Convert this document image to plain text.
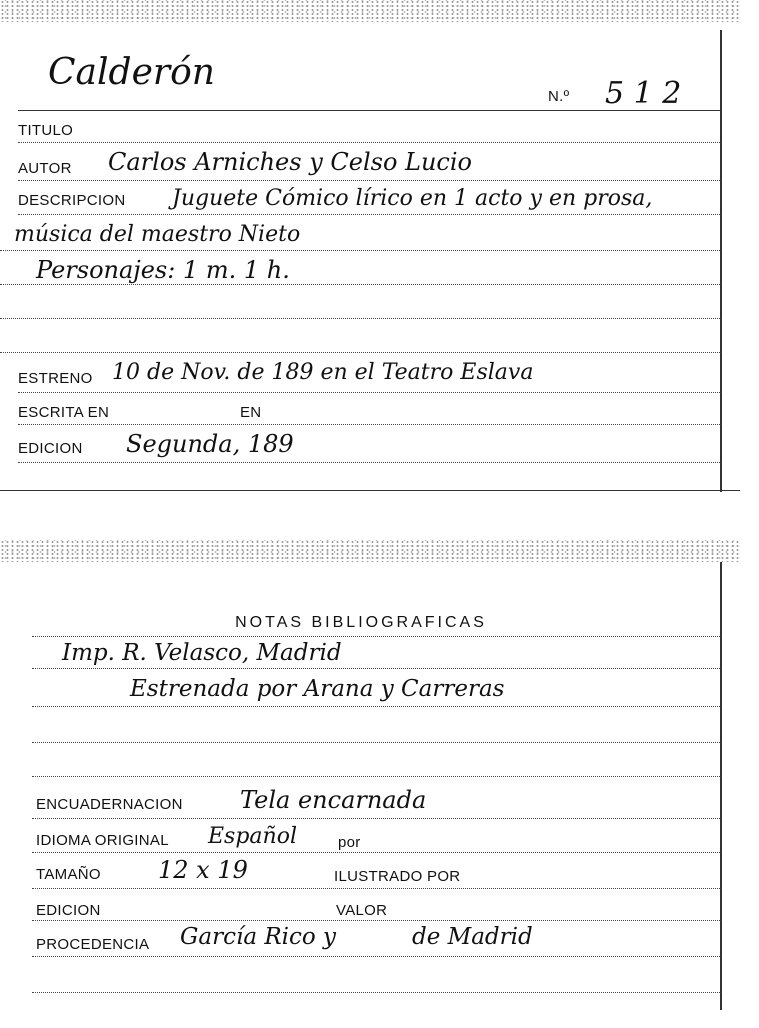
Calderón
N.º 5 1 2
TITULO
AUTOR Carlos Arniches y Celso Lucio
DESCRIPCION Juguete Cómico lírico en 1 acto y en prosa,
música del maestro Nieto
Personajes: 1 m. 1 h.
ESTRENO 10 de Nov. de 189 en el Teatro Eslava
ESCRITA EN	EN
EDICION Segunda, 189
NOTAS BIBLIOGRAFICAS
Imp. R. Velasco, Madrid
Estrenada por Arana y Carreras
ENCUADERNACION Tela encarnada
IDIOMA ORIGINAL Español	por
TAMAÑO 12 x 19	ILUSTRADO POR
EDICION	VALOR
PROCEDENCIA García Rico y	de Madrid
